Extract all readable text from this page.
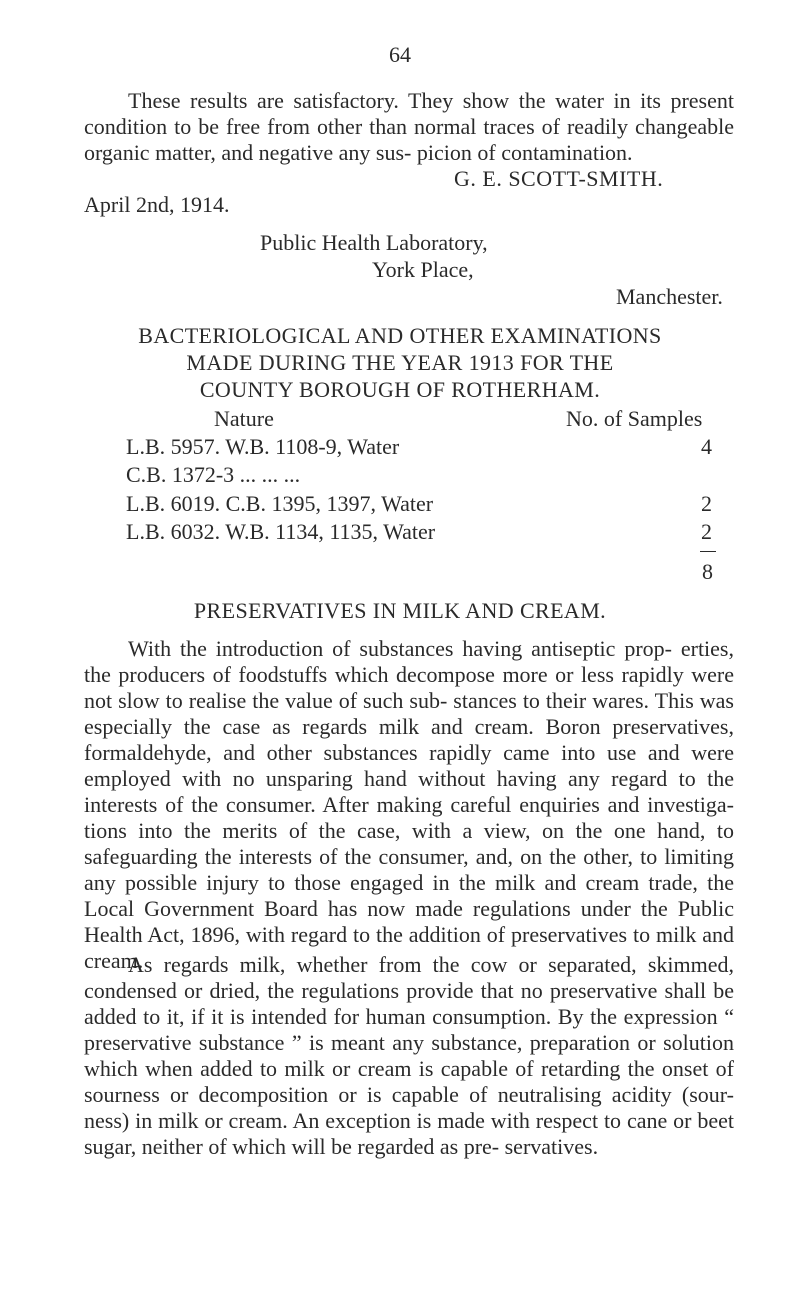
64

These results are satisfactory. They show the water in its present condition to be free from other than normal traces of readily changeable organic matter, and negative any sus- picion of contamination.

G. E. SCOTT-SMITH.
April 2nd, 1914.
Public Health Laboratory,
York Place,
Manchester.
BACTERIOLOGICAL AND OTHER EXAMINATIONS
MADE DURING THE YEAR 1913 FOR THE
COUNTY BOROUGH OF ROTHERHAM.
Nature	No. of Samples
L.B. 5957. W.B. 1108-9, Water	4
C.B. 1372-3 ... ... ...
L.B. 6019. C.B. 1395, 1397, Water	2
L.B. 6032. W.B. 1134, 1135, Water	2
8
PRESERVATIVES IN MILK AND CREAM.

With the introduction of substances having antiseptic prop- erties, the producers of foodstuffs which decompose more or less rapidly were not slow to realise the value of such sub- stances to their wares. This was especially the case as regards milk and cream. Boron preservatives, formaldehyde, and other substances rapidly came into use and were employed with no unsparing hand without having any regard to the interests of the consumer. After making careful enquiries and investiga- tions into the merits of the case, with a view, on the one hand, to safeguarding the interests of the consumer, and, on the other, to limiting any possible injury to those engaged in the milk and cream trade, the Local Government Board has now made regulations under the Public Health Act, 1896, with regard to the addition of preservatives to milk and cream.

As regards milk, whether from the cow or separated, skimmed, condensed or dried, the regulations provide that no preservative shall be added to it, if it is intended for human consumption. By the expression “ preservative substance ” is meant any substance, preparation or solution which when added to milk or cream is capable of retarding the onset of sourness or decomposition or is capable of neutralising acidity (sour- ness) in milk or cream. An exception is made with respect to cane or beet sugar, neither of which will be regarded as pre- servatives.
